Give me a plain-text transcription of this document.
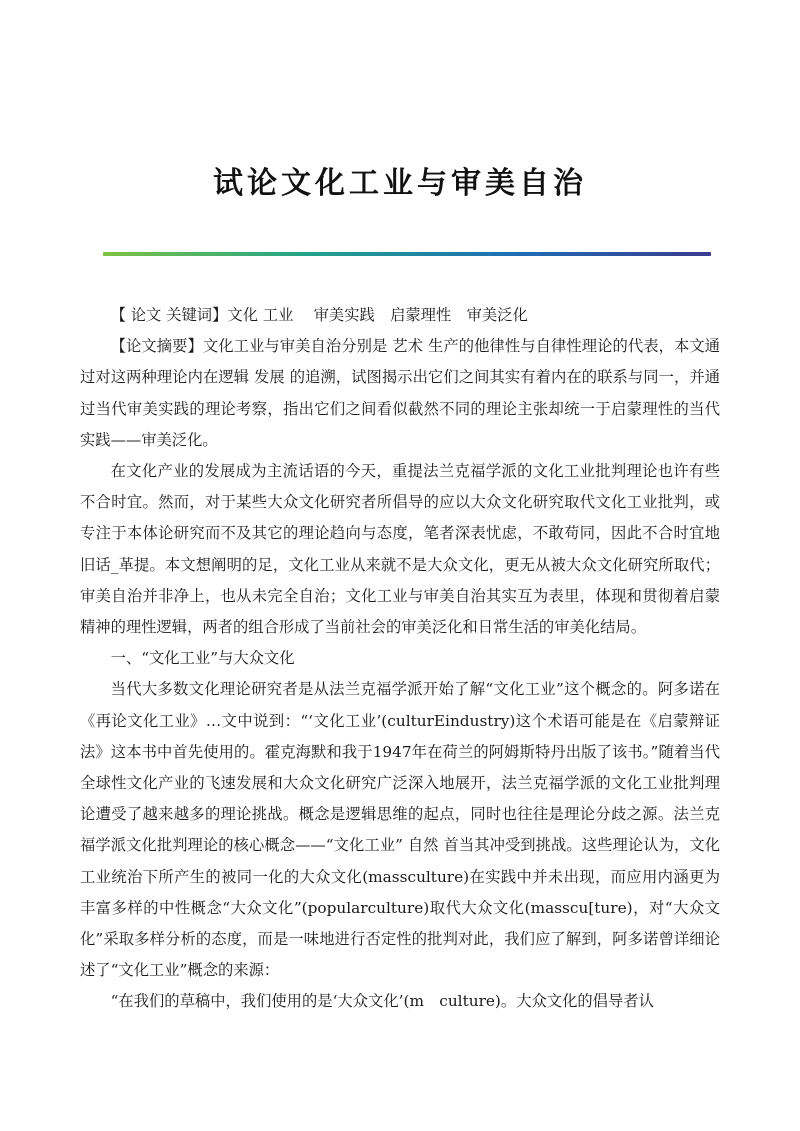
试论文化工业与审美自治

【 论文 关键词】文化 工业　 审美实践　启蒙理性　审美泛化

【论文摘要】文化工业与审美自治分别是 艺术 生产的他律性与自律性理论的代表，本文通过对这两种理论内在逻辑 发展 的追溯，试图揭示出它们之间其实有着内在的联系与同一，并通过当代审美实践的理论考察，指出它们之间看似截然不同的理论主张却统一于启蒙理性的当代实践——审美泛化。

在文化产业的发展成为主流话语的今天，重提法兰克福学派的文化工业批判理论也许有些不合时宜。然而，对于某些大众文化研究者所倡导的应以大众文化研究取代文化工业批判，或专注于本体论研究而不及其它的理论趋向与态度，笔者深表忧虑，不敢苟同，因此不合时宜地旧话_革提。本文想阐明的足，文化工业从来就不是大众文化，更无从被大众文化研究所取代；审美自治并非净上，也从未完全自治；文化工业与审美自治其实互为表里，体现和贯彻着启蒙精神的理性逻辑，两者的组合形成了当前社会的审美泛化和日常生活的审美化结局。

一、“文化工业”与大众文化

当代大多数文化理论研究者是从法兰克福学派开始了解“文化工业”这个概念的。阿多诺在《再论文化工业》…文中说到：“‘文化工业’(culturEindustry)这个术语可能是在《启蒙辩证法》这本书中首先使用的。霍克海默和我于1947年在荷兰的阿姆斯特丹出版了该书。”随着当代全球性文化产业的飞速发展和大众文化研究广泛深入地展开，法兰克福学派的文化工业批判理论遭受了越来越多的理论挑战。概念是逻辑思维的起点，同时也往往是理论分歧之源。法兰克福学派文化批判理论的核心概念——“文化工业” 自然 首当其冲受到挑战。这些理论认为，文化工业统治下所产生的被同一化的大众文化(massculture)在实践中并未出现，而应用内涵更为丰富多样的中性概念“大众文化”(popularculture)取代大众文化(masscu[ture)，对“大众文化”采取多样分析的态度，而是一味地进行否定性的批判对此，我们应了解到，阿多诺曾详细论述了“文化工业”概念的来源：

“在我们的草稿中，我们使用的是‘大众文化’(m　culture)。大众文化的倡导者认
